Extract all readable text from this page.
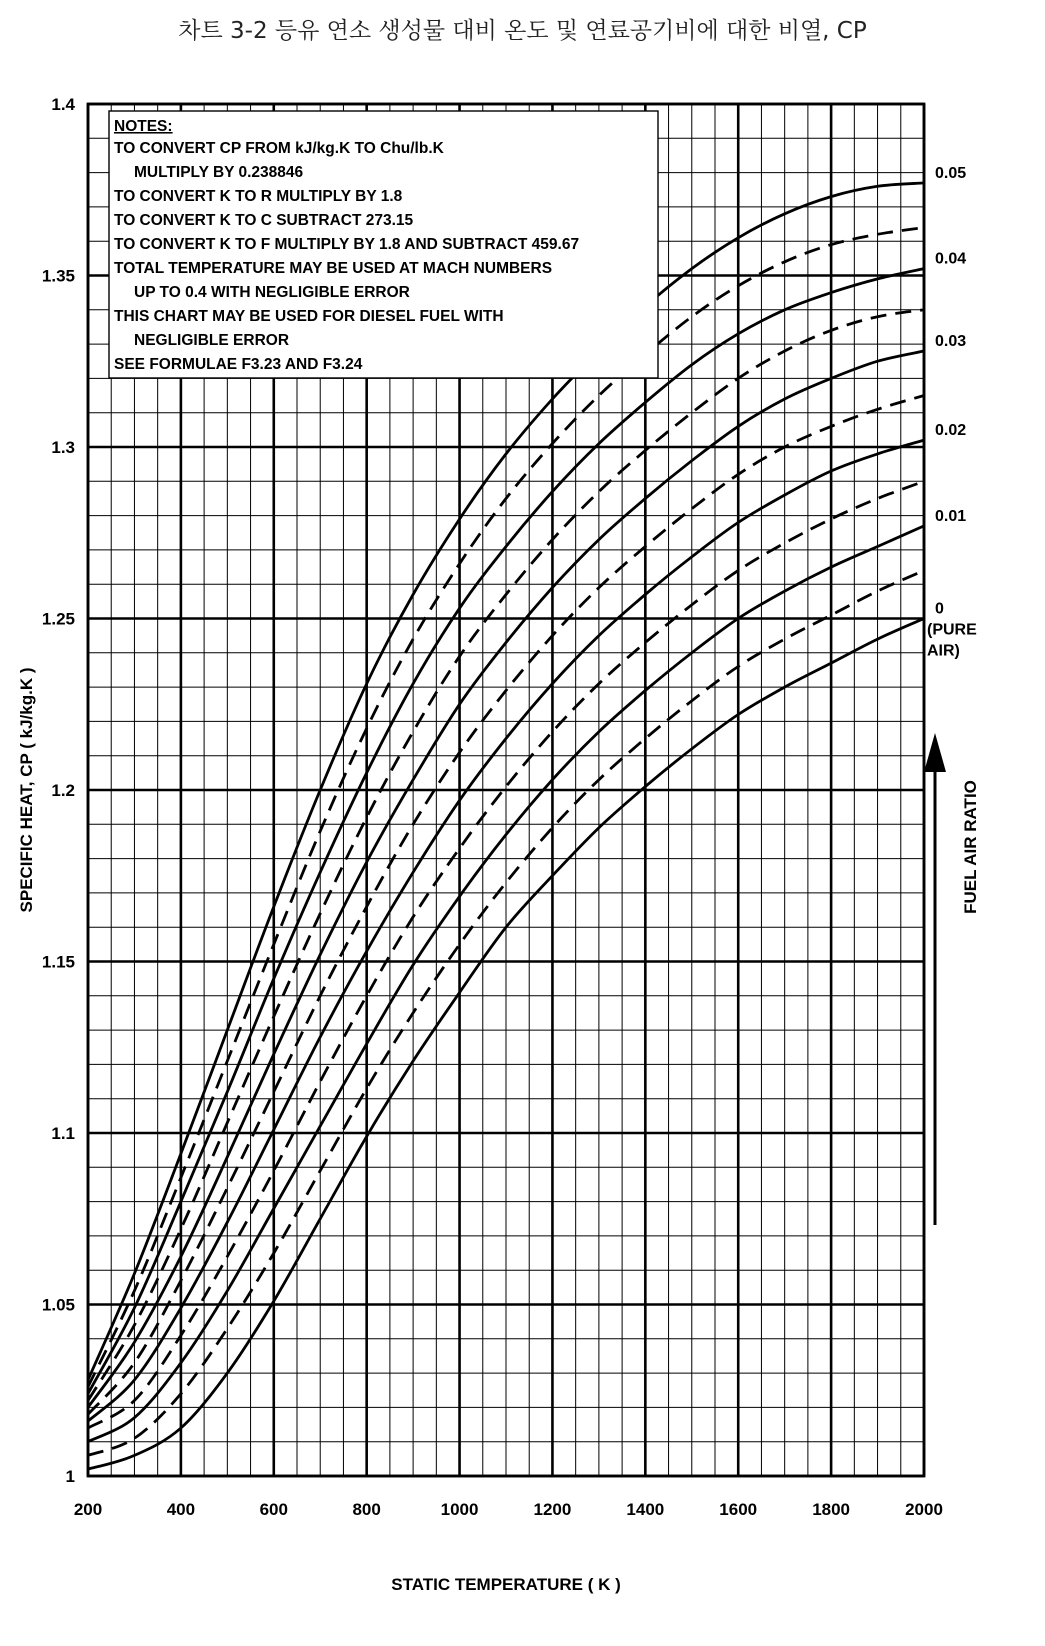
차트 3-2 등유 연소 생성물 대비 온도 및 연료공기비에 대한 비열, CP
NOTES:
TO CONVERT CP FROM kJ/kg.K TO Chu/lb.K
MULTIPLY BY 0.238846
TO CONVERT K TO R MULTIPLY BY 1.8
TO CONVERT K TO C SUBTRACT 273.15
TO CONVERT K TO F MULTIPLY BY 1.8 AND SUBTRACT 459.67
TOTAL TEMPERATURE MAY BE USED AT MACH NUMBERS
UP TO 0.4 WITH NEGLIGIBLE ERROR
THIS CHART MAY BE USED FOR DIESEL FUEL WITH
NEGLIGIBLE ERROR
SEE FORMULAE F3.23 AND F3.24
200	400	600	800	1000	1200	1400	1600	1800	2000
1
1.05
1.1
1.15
1.2
1.25
1.3
1.35
1.4
0 (PURE AIR)
0.01
0.02
0.03
0.04
0.05
STATIC TEMPERATURE ( K )
SPECIFIC HEAT, CP ( kJ/kg.K )	FUEL AIR RATIO
